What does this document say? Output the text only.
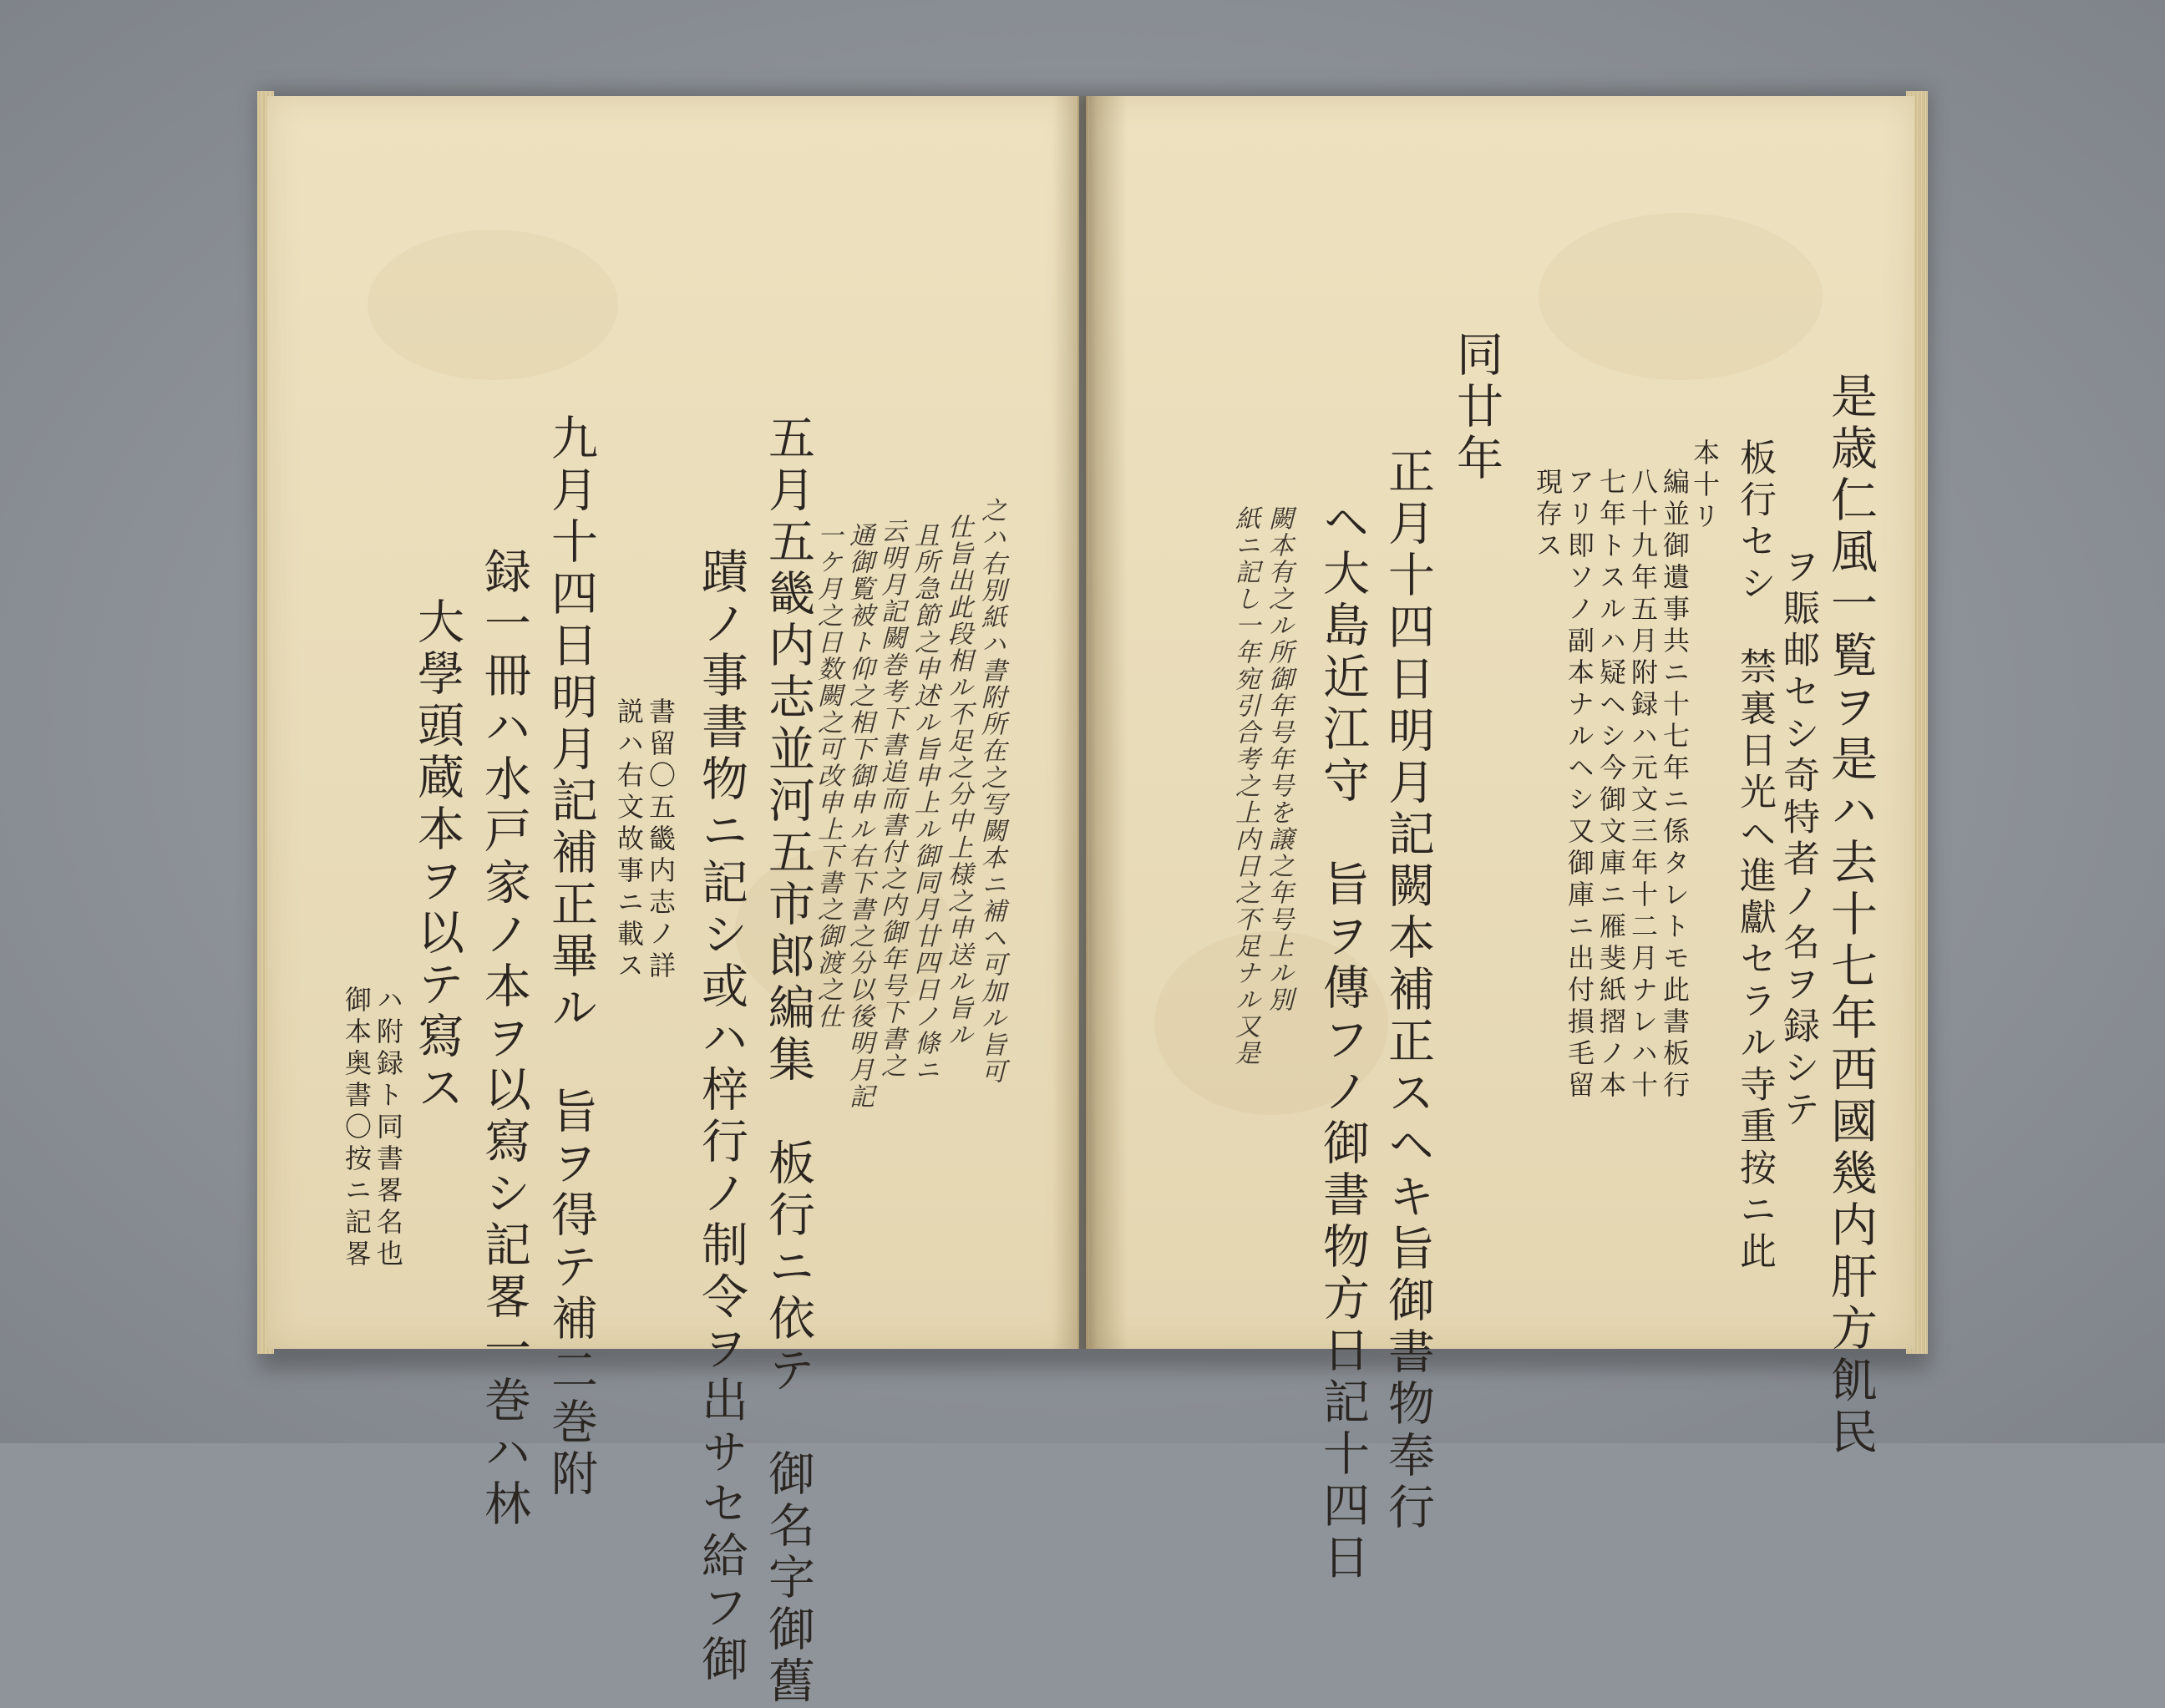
之ハ右別紙ハ書附所在之写闕本ニ補ヘ可加ル旨可
仕旨出此段相ル不足之分中上様之申送ル旨ル
且所急節之申述ル旨申上ル御同月廿四日ノ條ニ
云明月記闕巻考下書追而書付之内御年号下書之
通御覧被ト仰之相下御申ル右下書之分以後明月記
一ケ月之日数闕之可改申上下書之御渡之仕
五月五畿内志並河五市郎編集　板行ニ依テ　御名字御舊
蹟ノ事書物ニ記シ或ハ梓行ノ制令ヲ出サセ給フ御
書留〇五畿内志ノ詳
説ハ右文故事ニ載ス
九月十四日明月記補正畢ル　旨ヲ得テ補二巻附
録一冊ハ水戸家ノ本ヲ以寫シ記畧一巻ハ林
大學頭蔵本ヲ以テ寫ス
ハ附録ト同書畧名也
御本奥書〇按ニ記畧	是歳仁風一覧ヲ是ハ去十七年西國幾内肝方飢民
ヲ賑邮セシ奇特者ノ名ヲ録シテ
板行セシ　禁裏日光ヘ進獻セラル寺重按ニ此
本十リ
編並御遺事共ニ十七年ニ係タレトモ此書板行
八十九年五月附録ハ元文三年十二月ナレハ十
七年トスルハ疑ヘシ今御文庫ニ雁斐紙摺ノ本
アリ即ソノ副本ナルヘシ又御庫ニ出付損毛留
現存ス
同廿年
正月十四日明月記闕本補正スヘキ旨御書物奉行
ヘ大島近江守　旨ヲ傳フノ御書物方日記十四日
闕本有之ル所御年号年号を譲之年号上ル別
紙ニ記し一年宛引合考之上内日之不足ナル又是
